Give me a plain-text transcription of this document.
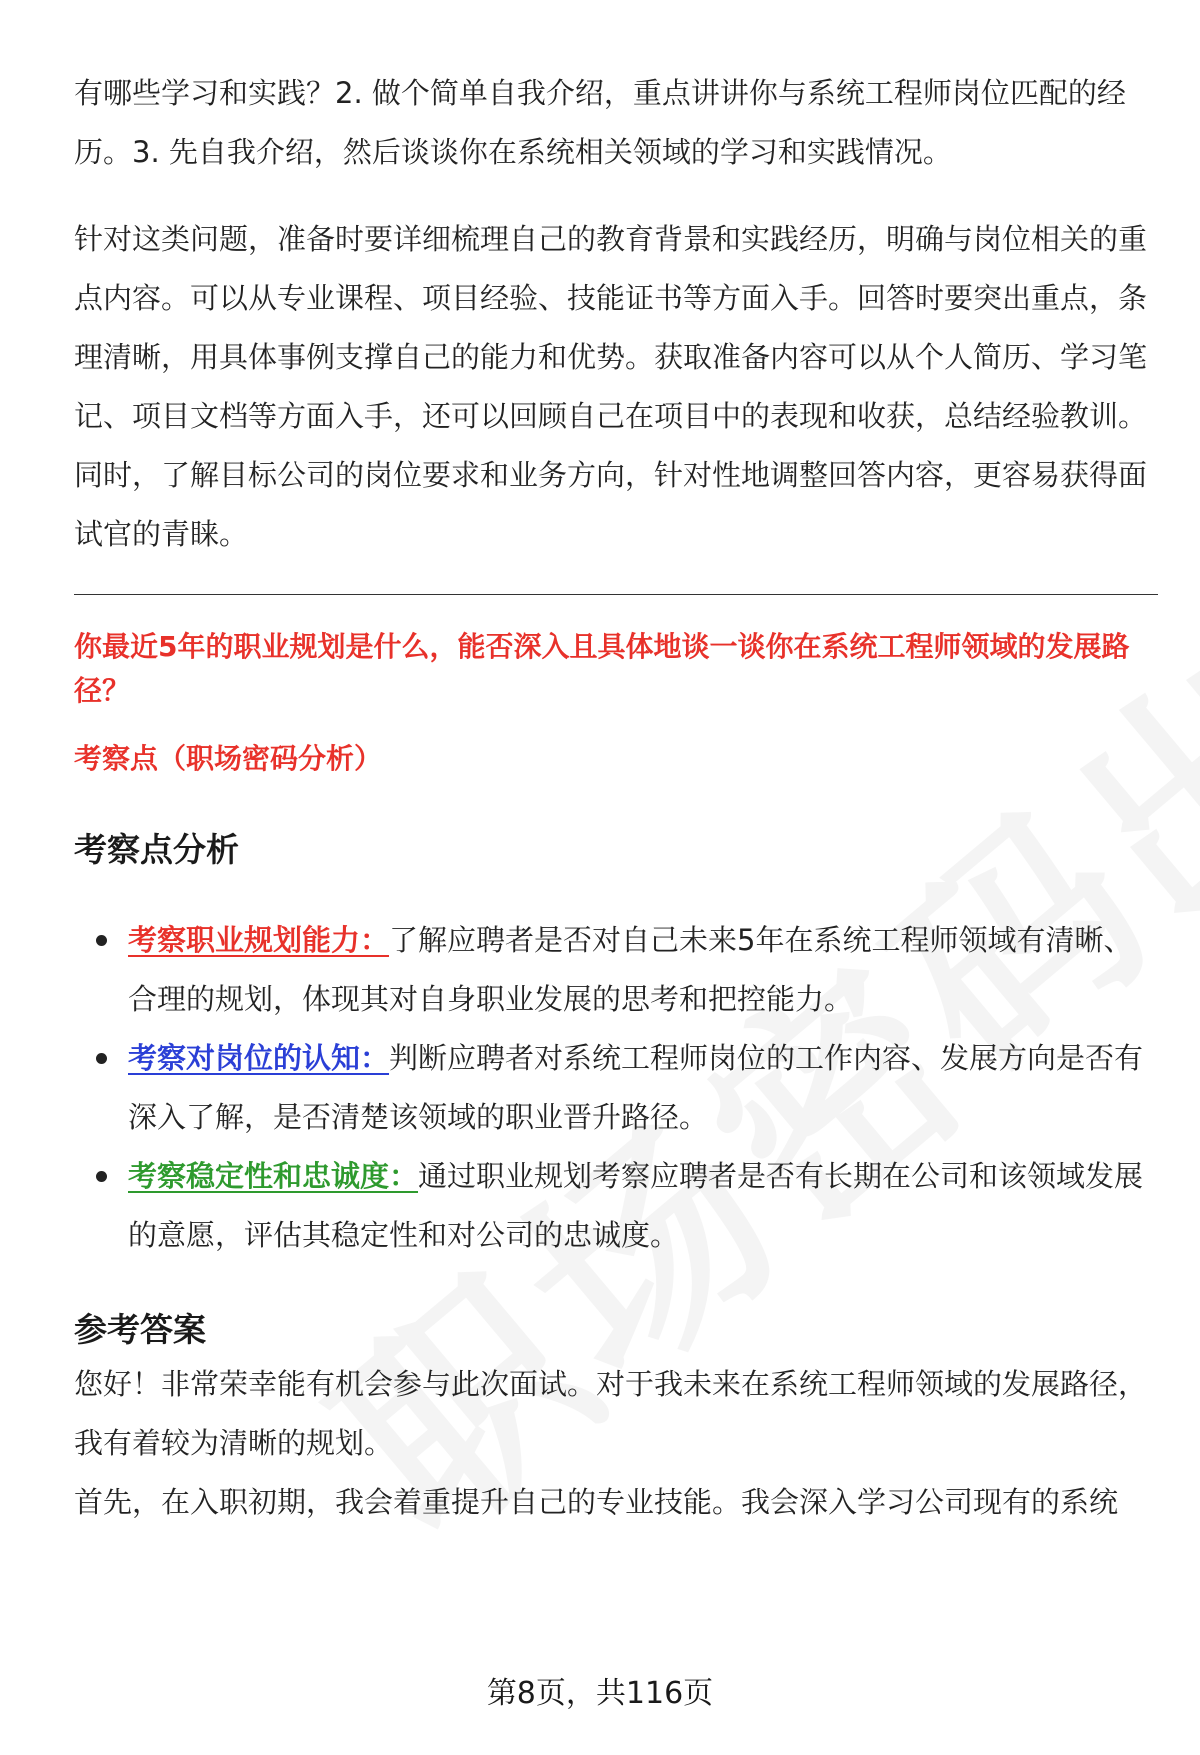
有哪些学习和实践？2. 做个简单自我介绍，重点讲讲你与系统工程师岗位匹配的经历。3. 先自我介绍，然后谈谈你在系统相关领域的学习和实践情况。

针对这类问题，准备时要详细梳理自己的教育背景和实践经历，明确与岗位相关的重点内容。可以从专业课程、项目经验、技能证书等方面入手。回答时要突出重点，条理清晰，用具体事例支撑自己的能力和优势。获取准备内容可以从个人简历、学习笔记、项目文档等方面入手，还可以回顾自己在项目中的表现和收获，总结经验教训。同时，了解目标公司的岗位要求和业务方向，针对性地调整回答内容，更容易获得面试官的青睐。

你最近5年的职业规划是什么，能否深入且具体地谈一谈你在系统工程师领域的发展路径？

考察点（职场密码分析）

考察点分析
考察职业规划能力：了解应聘者是否对自己未来5年在系统工程师领域有清晰、合理的规划，体现其对自身职业发展的思考和把控能力。
考察对岗位的认知：判断应聘者对系统工程师岗位的工作内容、发展方向是否有深入了解，是否清楚该领域的职业晋升路径。
考察稳定性和忠诚度：通过职业规划考察应聘者是否有长期在公司和该领域发展的意愿，评估其稳定性和对公司的忠诚度。
参考答案

您好！非常荣幸能有机会参与此次面试。对于我未来在系统工程师领域的发展路径，我有着较为清晰的规划。

首先，在入职初期，我会着重提升自己的专业技能。我会深入学习公司现有的系统

第8页，共116页
